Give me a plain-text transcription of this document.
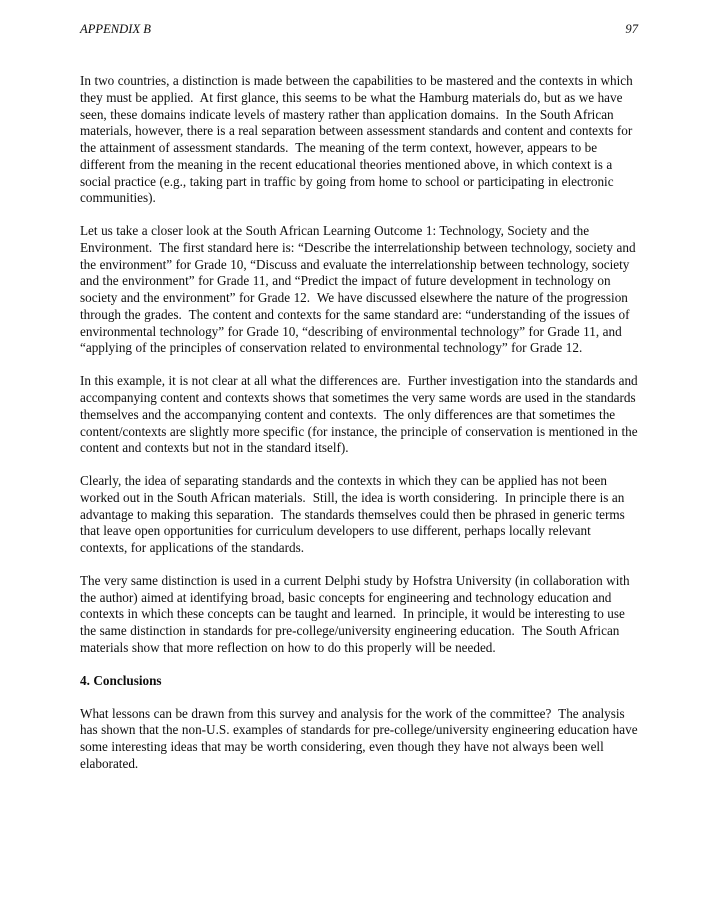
APPENDIX B	97

In two countries, a distinction is made between the capabilities to be mastered and the contexts in which they must be applied.  At first glance, this seems to be what the Hamburg materials do, but as we have seen, these domains indicate levels of mastery rather than application domains.  In the South African materials, however, there is a real separation between assessment standards and content and contexts for the attainment of assessment standards.  The meaning of the term context, however, appears to be different from the meaning in the recent educational theories mentioned above, in which context is a social practice (e.g., taking part in traffic by going from home to school or participating in electronic communities).

Let us take a closer look at the South African Learning Outcome 1: Technology, Society and the Environment.  The first standard here is: “Describe the interrelationship between technology, society and the environment” for Grade 10, “Discuss and evaluate the interrelationship between technology, society and the environment” for Grade 11, and “Predict the impact of future development in technology on society and the environment” for Grade 12.  We have discussed elsewhere the nature of the progression through the grades.  The content and contexts for the same standard are: “understanding of the issues of environmental technology” for Grade 10, “describing of environmental technology” for Grade 11, and “applying of the principles of conservation related to environmental technology” for Grade 12.

In this example, it is not clear at all what the differences are.  Further investigation into the standards and accompanying content and contexts shows that sometimes the very same words are used in the standards themselves and the accompanying content and contexts.  The only differences are that sometimes the content/contexts are slightly more specific (for instance, the principle of conservation is mentioned in the content and contexts but not in the standard itself).

Clearly, the idea of separating standards and the contexts in which they can be applied has not been worked out in the South African materials.  Still, the idea is worth considering.  In principle there is an advantage to making this separation.  The standards themselves could then be phrased in generic terms that leave open opportunities for curriculum developers to use different, perhaps locally relevant contexts, for applications of the standards.

The very same distinction is used in a current Delphi study by Hofstra University (in collaboration with the author) aimed at identifying broad, basic concepts for engineering and technology education and contexts in which these concepts can be taught and learned.  In principle, it would be interesting to use the same distinction in standards for pre-college/university engineering education.  The South African materials show that more reflection on how to do this properly will be needed.

4. Conclusions

What lessons can be drawn from this survey and analysis for the work of the committee?  The analysis has shown that the non-U.S. examples of standards for pre-college/university engineering education have some interesting ideas that may be worth considering, even though they have not always been well elaborated.
